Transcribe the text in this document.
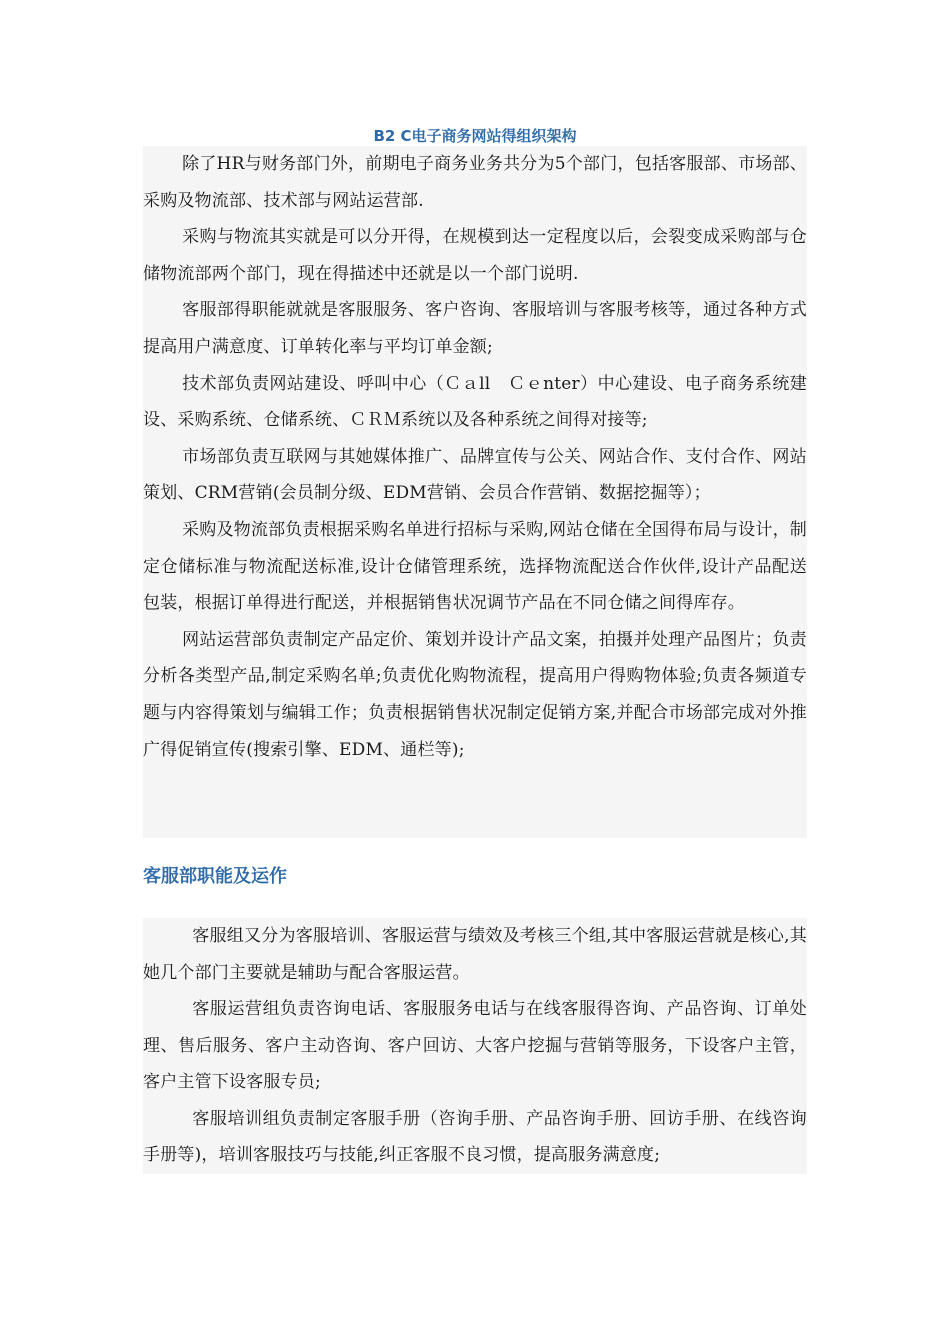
B2 C电子商务网站得组织架构

除了HR与财务部门外，前期电子商务业务共分为5个部门，包括客服部、市场部、采购及物流部、技术部与网站运营部.

采购与物流其实就是可以分开得，在规模到达一定程度以后，会裂变成采购部与仓储物流部两个部门，现在得描述中还就是以一个部门说明.

客服部得职能就就是客服服务、客户咨询、客服培训与客服考核等，通过各种方式提高用户满意度、订单转化率与平均订单金额;

技术部负责网站建设、呼叫中心（Ｃａll　Ｃｅnter）中心建设、电子商务系统建设、采购系统、仓储系统、ＣＲＭ系统以及各种系统之间得对接等;

市场部负责互联网与其她媒体推广、品牌宣传与公关、网站合作、支付合作、网站策划、CRM营销(会员制分级、EDM营销、会员合作营销、数据挖掘等）；

采购及物流部负责根据采购名单进行招标与采购,网站仓储在全国得布局与设计，制定仓储标准与物流配送标准,设计仓储管理系统，选择物流配送合作伙伴,设计产品配送包装，根据订单得进行配送，并根据销售状况调节产品在不同仓储之间得库存。

网站运营部负责制定产品定价、策划并设计产品文案，拍摄并处理产品图片；负责分析各类型产品,制定采购名单;负责优化购物流程，提高用户得购物体验;负责各频道专题与内容得策划与编辑工作；负责根据销售状况制定促销方案,并配合市场部完成对外推广得促销宣传(搜索引擎、EDM、通栏等);

客服部职能及运作

客服组又分为客服培训、客服运营与绩效及考核三个组,其中客服运营就是核心,其她几个部门主要就是辅助与配合客服运营。

客服运营组负责咨询电话、客服服务电话与在线客服得咨询、产品咨询、订单处理、售后服务、客户主动咨询、客户回访、大客户挖掘与营销等服务，下设客户主管，客户主管下设客服专员;

客服培训组负责制定客服手册（咨询手册、产品咨询手册、回访手册、在线咨询手册等)，培训客服技巧与技能,纠正客服不良习惯，提高服务满意度;
